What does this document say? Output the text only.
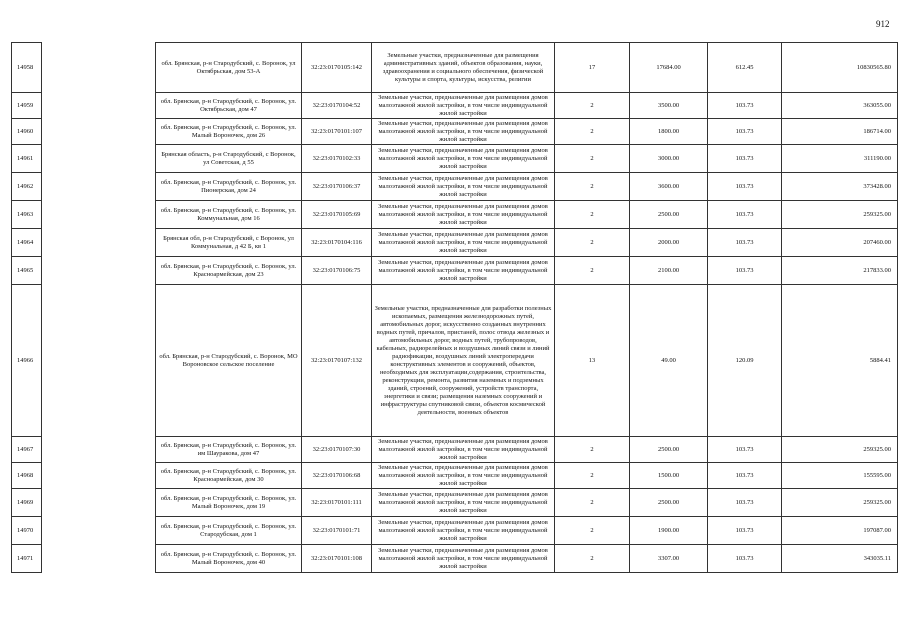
912
14958		обл. Брянская, р-н Стародубский, с. Воронок, ул Октябрьская, дом 53-А	32:23:0170105:142	Земельные участки, предназначенные для размещения административных зданий, объектов образования, науки, здравоохранения и социального обеспечения, физической культуры и спорта, культуры, искусства, религии	17	17684.00	612.45	10830565.80
14959		обл. Брянская, р-н Стародубский, с. Воронок, ул. Октябрьская, дом 47	32:23:0170104:52	Земельные участки, предназначенные для размещения домов малоэтажной жилой застройки, в том числе индивидуальной жилой застройки	2	3500.00	103.73	363055.00
14960		обл. Брянская, р-н Стародубский, с. Воронок, ул. Малый Вороночек, дом 26	32:23:0170101:107	Земельные участки, предназначенные для размещения домов малоэтажной жилой застройки, в том числе индивидуальной жилой застройки	2	1800.00	103.73	186714.00
14961		Брянская область, р-н Стародубский, с Воронок, ул Советская, д 55	32:23:0170102:33	Земельные участки, предназначенные для размещения домов малоэтажной жилой застройки, в том числе индивидуальной жилой застройки	2	3000.00	103.73	311190.00
14962		обл. Брянская, р-н Стародубский, с. Воронок, ул. Пионерская, дом 24	32:23:0170106:37	Земельные участки, предназначенные для размещения домов малоэтажной жилой застройки, в том числе индивидуальной жилой застройки	2	3600.00	103.73	373428.00
14963		обл. Брянская, р-н Стародубский, с. Воронок, ул. Коммунальная, дом 16	32:23:0170105:69	Земельные участки, предназначенные для размещения домов малоэтажной жилой застройки, в том числе индивидуальной жилой застройки	2	2500.00	103.73	259325.00
14964		Брянская обл, р-н Стародубский, с Воронок, ул Коммунальная, д 42 Б, кв 1	32:23:0170104:116	Земельные участки, предназначенные для размещения домов малоэтажной жилой застройки, в том числе индивидуальной жилой застройки	2	2000.00	103.73	207460.00
14965		обл. Брянская, р-н Стародубский, с. Воронок, ул. Красноармейская, дом 23	32:23:0170106:75	Земельные участки, предназначенные для размещения домов малоэтажной жилой застройки, в том числе индивидуальной жилой застройки	2	2100.00	103.73	217833.00
14966		обл. Брянская, р-н Стародубский, с. Воронок, МО Вороновское сельское поселение	32:23:0170107:132	Земельные участки, предназначенные для разработки полезных ископаемых, размещения железнодорожных путей, автомобильных дорог, искусственно созданных внутренних водных путей, причалов, пристаней, полос отвода железных и автомобильных дорог, водных путей, трубопроводов, кабельных, радиорелейных и воздушных линий связи и линий радиофикации, воздушных линий электропередачи конструктивных элементов и сооружений, объектов, необходимых для эксплуатации,содержания, строительства, реконструкции, ремонта, развития наземных и подземных зданий, строений, сооружений, устройств транспорта, энергетики и связи; размещения наземных сооружений и инфраструктуры спутниковой связи, объектов космической деятельности, военных объектов	13	49.00	120.09	5884.41
14967		обл. Брянская, р-н Стародубский, с. Воронок, ул. им Шауракова, дом 47	32:23:0170107:30	Земельные участки, предназначенные для размещения домов малоэтажной жилой застройки, в том числе индивидуальной жилой застройки	2	2500.00	103.73	259325.00
14968		обл. Брянская, р-н Стародубский, с. Воронок, ул. Красноармейская, дом 30	32:23:0170106:68	Земельные участки, предназначенные для размещения домов малоэтажной жилой застройки, в том числе индивидуальной жилой застройки	2	1500.00	103.73	155595.00
14969		обл. Брянская, р-н Стародубский, с. Воронок, ул. Малый Вороночек, дом 19	32:23:0170101:111	Земельные участки, предназначенные для размещения домов малоэтажной жилой застройки, в том числе индивидуальной жилой застройки	2	2500.00	103.73	259325.00
14970		обл. Брянская, р-н Стародубский, с. Воронок, ул. Стародубская, дом 1	32:23:0170101:71	Земельные участки, предназначенные для размещения домов малоэтажной жилой застройки, в том числе индивидуальной жилой застройки	2	1900.00	103.73	197087.00
14971		обл. Брянская, р-н Стародубский, с. Воронок, ул. Малый Вороночек, дом 40	32:23:0170101:108	Земельные участки, предназначенные для размещения домов малоэтажной жилой застройки, в том числе индивидуальной жилой застройки	2	3307.00	103.73	343035.11
